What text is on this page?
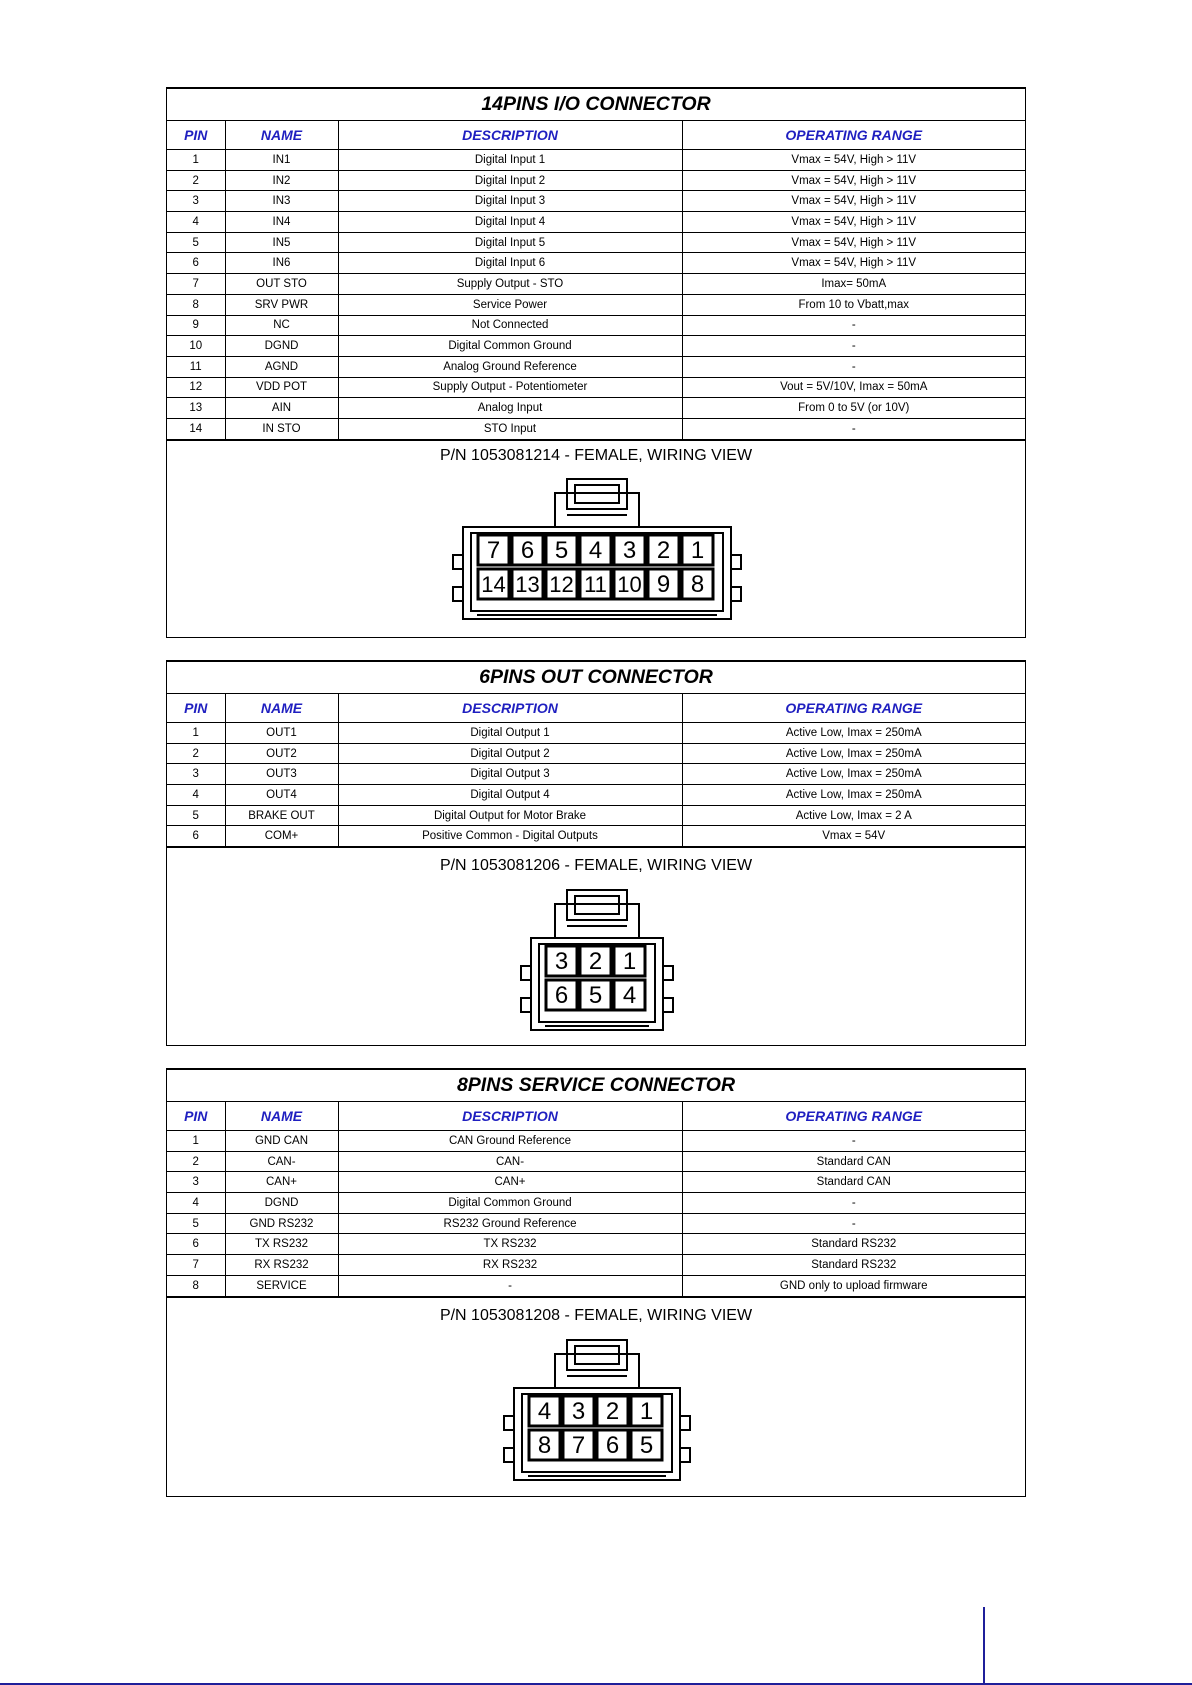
14PINS I/O CONNECTOR			
PIN	NAME	DESCRIPTION	OPERATING RANGE
1	IN1	Digital Input 1	Vmax = 54V, High > 11V
2	IN2	Digital Input 2	Vmax = 54V, High > 11V
3	IN3	Digital Input 3	Vmax = 54V, High > 11V
4	IN4	Digital Input 4	Vmax = 54V, High > 11V
5	IN5	Digital Input 5	Vmax = 54V, High > 11V
6	IN6	Digital Input 6	Vmax = 54V, High > 11V
7	OUT STO	Supply Output - STO	Imax= 50mA
8	SRV PWR	Service Power	From 10 to Vbatt,max
9	NC	Not Connected	-
10	DGND	Digital Common Ground	-
11	AGND	Analog Ground Reference	-
12	VDD POT	Supply Output - Potentiometer	Vout = 5V/10V, Imax = 50mA
13	AIN	Analog Input	From 0 to 5V (or 10V)
14	IN STO	STO Input	-
P/N 1053081214 - FEMALE, WIRING VIEW
7 6 5 4 3 2 1
14 13 12 11 10 9 8
6PINS OUT CONNECTOR			
PIN	NAME	DESCRIPTION	OPERATING RANGE
1	OUT1	Digital Output 1	Active Low, Imax = 250mA
2	OUT2	Digital Output 2	Active Low, Imax = 250mA
3	OUT3	Digital Output 3	Active Low, Imax = 250mA
4	OUT4	Digital Output 4	Active Low, Imax = 250mA
5	BRAKE OUT	Digital Output for Motor Brake	Active Low, Imax = 2 A
6	COM+	Positive Common - Digital Outputs	Vmax = 54V
P/N 1053081206 - FEMALE, WIRING VIEW
3 2 1
6 5 4
8PINS SERVICE CONNECTOR			
PIN	NAME	DESCRIPTION	OPERATING RANGE
1	GND CAN	CAN Ground Reference	-
2	CAN-	CAN-	Standard CAN
3	CAN+	CAN+	Standard CAN
4	DGND	Digital Common Ground	-
5	GND RS232	RS232 Ground Reference	-
6	TX RS232	TX RS232	Standard RS232
7	RX RS232	RX RS232	Standard RS232
8	SERVICE	-	GND only to upload firmware
P/N 1053081208 - FEMALE, WIRING VIEW
4 3 2 1
8 7 6 5
